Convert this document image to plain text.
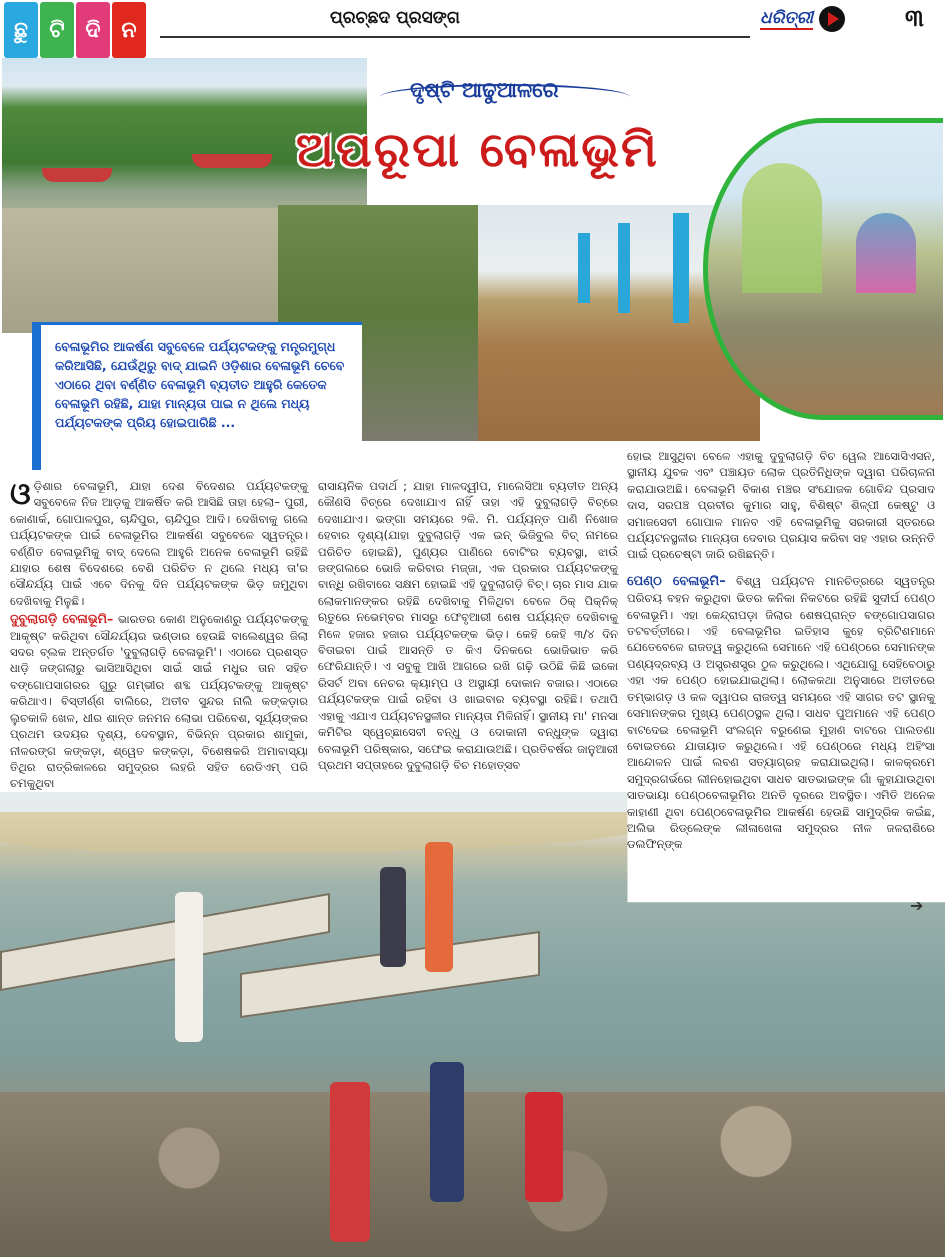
ଛୁ ଟି ଦି ନ	ପ୍ରଚ୍ଛଦ ପ୍ରସଙ୍ଗ	ଧରିତ୍ରୀ	୩
ଦୃଷ୍ଟି ଆଢୁଆଳରେ
ଅପରୂପା ବେଳାଭୂମି
ବେଳାଭୂମିର ଆକର୍ଷଣ ସବୁବେଳେ ପର୍ଯ୍ୟଟକଙ୍କୁ ମନ୍ତ୍ରମୁଗ୍ଧ କରିଆସିଛି, ଯେଉଁଥିରୁ ବାଦ୍ ଯାଇନି ଓଡ଼ିଶାର ବେଳାଭୂମି ଚେବେ ଏଠାରେ ଥିବା ବର୍ଣ୍ଣିତ ବେଳାଭୂମି ବ୍ୟତୀତ ଆହୁରି କେତେକ ବେଳାଭୂମି ରହିଛି, ଯାହା ମାନ୍ୟତା ପାଇ ନ ଥିଲେ ମଧ୍ୟ ପର୍ଯ୍ୟଟକଙ୍କ ପ୍ରିୟ ହୋଇପାରିଛି ...

ଓଡ଼ିଶାର ବେଳାଭୂମି, ଯାହା ଦେଶ ବିଦେଶର ପର୍ଯ୍ୟଟକଙ୍କୁ ସବୁବେଳେ ନିଜ ଆଡ଼କୁ ଆକର୍ଷିତ କରି ଆସିଛି ତାହା ହେଲା– ପୁରୀ, କୋଣାର୍କ, ଗୋପାଳପୁର, ଚାନ୍ଦିପୁର, ଚାନ୍ଦିପୁର ଆଦି। ଦେଖିବାକୁ ଗଲେ ପର୍ଯ୍ୟଟକଙ୍କ ପାଇଁ ବେଳାଭୂମିର ଆକର୍ଷଣ ସବୁବେଳେ ସ୍ୱତନ୍ତ୍ର। ବର୍ଣ୍ଣିତ ବେଳାଭୂମିକୁ ବାଦ୍ ଦେଲେ ଆହୁରି ଅନେକ ବେଳାଭୂମି ରହିଛି ଯାହାର ଶେଷ ବିଦେଶରେ ବେଶି ପରିଚିତ ନ ଥିଲେ ମଧ୍ୟ ତା'ର ସୌନ୍ଦର୍ଯ୍ୟ ପାଇଁ ଏବେ ଦିନକୁ ଦିନ ପର୍ଯ୍ୟଟକଙ୍କ ଭିଡ଼ ଜମୁଥିବା ଦେଖିବାକୁ ମିଳୁଛି।

ଦୁବୁଲାଗଡ଼ି ବେଳାଭୂମି– ଭାରତର କୋଣ ଅନୁକୋଣରୁ ପର୍ଯ୍ୟଟକଙ୍କୁ ଆକୃଷ୍ଟ କରିଥିବା ସୌନ୍ଦର୍ଯ୍ୟର ଭଣ୍ଡାର ହେଉଛି ବାଲେଶ୍ୱର ଜିଲା ସଦର ବ୍ଲକ ଅନ୍ତର୍ଗତ 'ଦୁବୁଲାଗଡ଼ି ବେଳାଭୂମି'। ଏଠାରେ ପ୍ରଶସ୍ତ ଧାଡ଼ି ଜଙ୍ଗଲାରୁ ଭାସିଆସିଥିବା ସାଇଁ ସାଇଁ ମଧୁର ତାନ ସହିତ ବଙ୍ଗୋପସାଗରର ଗୁରୁ ଗମ୍ଭୀର ଶବ୍ଦ ପର୍ଯ୍ୟଟକଙ୍କୁ ଆକୃଷ୍ଟ କରିଥାଏ। ବିସ୍ତୀର୍ଣ୍ଣ ବାଲିରେ, ଅତୀବ ସୁନ୍ଦର ନାଲି କଙ୍କଡ଼ାର ଲୁଚକାଳି ଖେଳ, ଧୀର ଶାନ୍ତ ଜନମନ ଲୋଭା ପରିବେଶ, ସୂର୍ଯ୍ୟଙ୍କର ପ୍ରଥମ ଉଦୟର ଦୃଶ୍ୟ, ଦେବସ୍ଥାନ, ବିଭିନ୍ନ ପ୍ରକାର ଶାମୁକା, ନୀଳରଙ୍ଗ କଙ୍କଡ଼ା, ଶ୍ୱେତ କଙ୍କଡ଼ା, ବିଶେଷକରି ଅମାବାସ୍ୟା ତିଥିର ରାତ୍ରିକାଳରେ ସମୁଦ୍ରର ଲହରି ସହିତ ରେଡିଏମ୍ ପରି ଚମକୁଥିବା

ରାସାୟନିକ ପଦାର୍ଥ ; ଯାହା ମାଳଦ୍ୱୀପ, ମାଲେସିଆ ବ୍ୟତୀତ ଅନ୍ୟ କୌଣସି ବିଚ୍‌ରେ ଦେଖାଯାଏ ନାହିଁ ତାହା ଏହି ଦୁବୁଲାଗଡ଼ି ବିଚ୍‌ରେ ଦେଖାଯାଏ। ଭଙ୍ଗା ସମୟରେ ୨କି. ମି. ପର୍ଯ୍ୟନ୍ତ ପାଣି ନିଖୋଜ ହେବାର ଦୃଶ୍ୟ(ଯାହା ଦୁବୁଲାଗଡ଼ି ଏକ ଇନ୍ ଭିଜିବୁଲ ବିଚ୍ ନାମରେ ପରିଚିତ ହୋଇଛି), ପୁଣ୍ୟର ପାଣିରେ ବୋଟିଂର ବ୍ୟବସ୍ଥା, ଝାଉଁ ଜଙ୍ଗଲରେ ଭୋଜି କରିବାର ମଜ୍ଜା, ଏକ ପ୍ରକାର ପର୍ଯ୍ୟଟକଙ୍କୁ ବାନ୍ଧି ରଖିବାରେ ସକ୍ଷମ ହୋଇଛି ଏହି ଦୁବୁଲାଗଡ଼ି ବିଚ୍। ଚାର ମାସ ଯାକ ଲୋକମାନଙ୍କର ରହିଛି ଦେଖିବାକୁ ମିଳିଥିବା ବେଳେ ଠିକ୍ ପିକ୍‌ନିକ୍ ଋତୁରେ ନଭେମ୍ବର ମାସରୁ ଫେବୃଆରୀ ଶେଷ ପର୍ଯ୍ୟନ୍ତ ଦେଖିବାକୁ ମିଳେ ହଜାର ହଜାର ପର୍ଯ୍ୟଟକଙ୍କ ଭିଡ଼। କେହି କେହି ୩/୪ ଦିନ ବିତାଇବା ପାଇଁ ଆସନ୍ତି ତ କିଏ ଦିନକରେ ଭୋଜିଭାତ କରି ଫେରିଯାନ୍ତି। ଏ ସବୁକୁ ଆଖି ଆଗରେ ରଖି ଗଢ଼ି ଉଠିଛି କିଛି ଇକୋ ରିସର୍ଟ ଅବା ନେଚର କ୍ୟାମ୍ପ ଓ ଅସ୍ଥାୟୀ ଦୋକାନ ବଜାର। ଏଠାରେ ପର୍ଯ୍ୟଟକଙ୍କ ପାଇଁ ରହିବା ଓ ଖାଇବାର ବ୍ୟବସ୍ଥା ରହିଛି। ତଥାପି ଏହାକୁ ଏଯାଏ ପର୍ଯ୍ୟଟନସ୍ଥଳୀର ମାନ୍ୟତା ମିଳିନାହିଁ। ସ୍ଥାନୀୟ ମା' ମନସା କମିଟିର ସ୍ୱେଚ୍ଛାସେବୀ ବନ୍ଧୁ ଓ ଦୋକାନୀ ବନ୍ଧୁଙ୍କ ଦ୍ୱାରା ବେଳାଭୂମି ପରିଷ୍କାର, ସଫେଇ କରାଯାଉଅଛି। ପ୍ରତିବର୍ଷର ଜାନୁଆରୀ ପ୍ରଥମ ସପ୍ତାହରେ ଦୁବୁଲାଗଡ଼ି ବିଚ ମହୋତ୍ସବ

ହୋଇ ଆସୁଥିବା ବେଳେ ଏହାକୁ ଦୁବୁଲାଗଡ଼ି ବିଚ ୱେଲ ଆସୋସିଏସନ, ସ୍ଥାନୀୟ ଯୁବକ ଏବଂ ପଞ୍ଚାୟତ ଲୋକ ପ୍ରତିନିଧିଙ୍କ ଦ୍ୱାରା ପରିଚାଳନା କରାଯାଉଅଛି। ବେଳାଭୂମି ବିକାଶ ମଞ୍ଚର ସଂଯୋଜକ ଗୋବିନ୍ଦ ପ୍ରସାଦ ଦାସ, ସରପଞ୍ଚ ପ୍ରବୀର କୁମାର ସାହୁ, ବିଶିଷ୍ଟ ଶିଳ୍ପୀ କେଷ୍ଟୁ ଓ ସମାଜସେବୀ ଗୋପାଳ ମାନବ ଏହି ବେଳାଭୂମିକୁ ସରକାରୀ ସ୍ତରରେ ପର୍ଯ୍ୟଟନସ୍ଥଳୀର ମାନ୍ୟତା ଦେବାର ପ୍ରୟାସ କରିବା ସହ ଏହାର ଉନ୍ନତି ପାଇଁ ପ୍ରଚେଷ୍ଟା ଜାରି ରଖିଛନ୍ତି।

ପେଣ୍ଠ ବେଳାଭୂମି– ବିଶ୍ୱ ପର୍ଯ୍ୟଟନ ମାନଚିତ୍ରରେ ସ୍ୱତନ୍ତ୍ର ପରିଚୟ ବହନ କରୁଥିବା ଭିତର କନିକା ନିକଟରେ ରହିଛି ସୁଦୀର୍ଘ ପେଣ୍ଠ ବେଳାଭୂମି। ଏହା କେନ୍ଦ୍ରାପଡ଼ା ଜିଲାର ଶେଷପ୍ରାନ୍ତ ବଙ୍ଗୋପସାଗର ତଟବର୍ତ୍ତୀରେ। ଏହି ବେଳାଭୂମିର ଇତିହାସ କୁହେ ବ୍ରିଟିଶମାନେ ଯେତେବେଳେ ରାଜତ୍ୱ କରୁଥିଲେ ସେମାନେ ଏହି ପେଣ୍ଠରେ ସେମାନଙ୍କ ପଣ୍ୟଦ୍ରବ୍ୟ ଓ ଅସ୍ତ୍ରଶସ୍ତ୍ର ଠୁଳ କରୁଥିଲେ। ଏଥିଯୋଗୁ ସେହିବେଠାରୁ ଏହା ଏକ ପେଣ୍ଠ ହୋଇଯାଇଥିଲା। ଲୋକକଥା ଅନୁସାରେ ଅତୀତରେ ତମ୍ଭାଗଡ଼ ଓ କଳ ଦ୍ୱାପର ରାଜତ୍ୱ ସମୟରେ ଏହି ସାଗର ତଟ ସ୍ଥାନକୁ ସେମାନଙ୍କର ମୁଖ୍ୟ ପେଣ୍ଠସ୍ଥଳ ଥିଲା। ସାଧବ ପୁଅମାନେ ଏହି ପେଣ୍ଠ ବାଟଦେଇ ବେଳାଭୂମି ସଂଲଗ୍ନ ବରୁଣେଇ ମୁହାଣ ବାଟରେ ପାଲତଣା ବୋଇତରେ ଯାତାୟାତ କରୁଥିଲେ। ଏହି ପେଣ୍ଠରେ ମଧ୍ୟ ଅହିଂସା ଆନ୍ଦୋଳନ ପାଇଁ ଲବଣ ସତ୍ୟାଗ୍ରହ କରାଯାଇଥିଲା। କାଳକ୍ରମେ ସମୁଦ୍ରଗର୍ଭରେ ଲୀନହୋଇଥିବା ସାଧବ ସାତଭାଇଙ୍କ ଗାଁ କୁହାଯାଉଥିବା ସାତଭାୟା ପେଣ୍ଠବେଳାଭୂମିର ଅନତି ଦୂରରେ ଅବସ୍ଥିତ। ଏମିତି ଅନେକ କାହାଣୀ ଥିବା ପେଣ୍ଠବେଳାଭୂମିର ଆକର୍ଷଣ ହେଉଛି ସାମୁଦ୍ରିକ କଇଁଛ, ଅଲିଭ ରିଡ୍ଲେଙ୍କ ଲୀଳାଖେଳା ସମୁଦ୍ରର ନୀଳ ଜଳରାଶିରେ ଡଲଫିନ୍‌ଙ୍କ

➔
